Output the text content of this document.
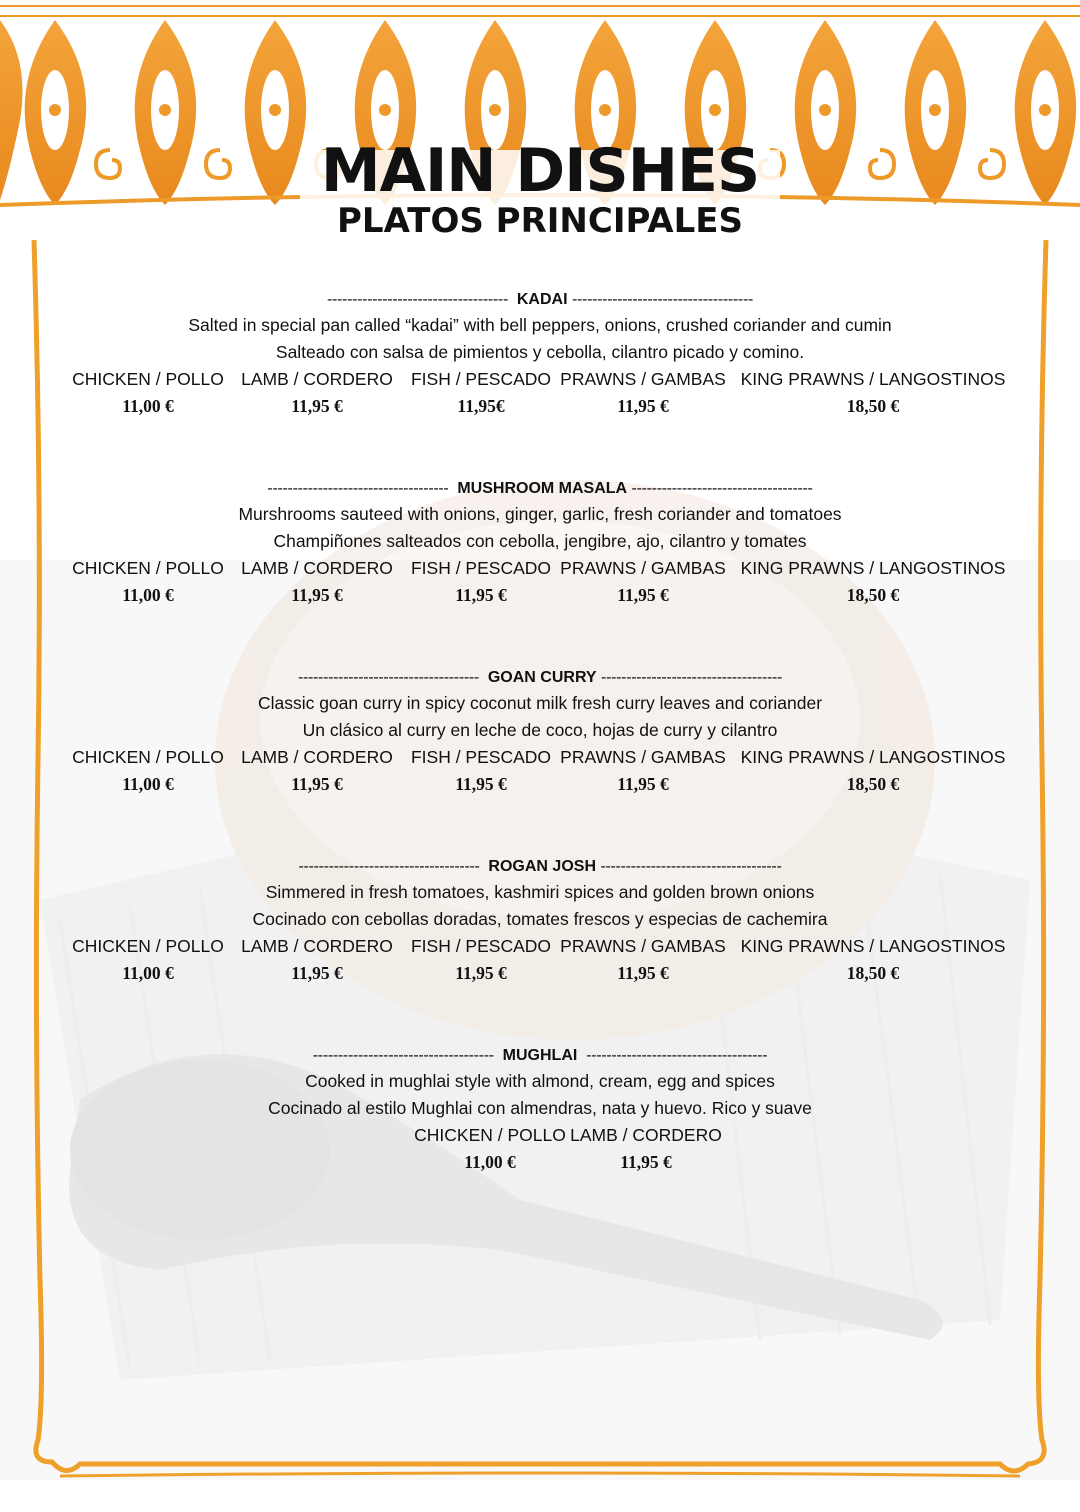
MAIN DISHES
PLATOS PRINCIPALES
------------------------------------ KADAI ------------------------------------
Salted in special pan called “kadai” with bell peppers, onions, crushed coriander and cumin
Salteado con salsa de pimientos y cebolla, cilantro picado y comino.
CHICKEN / POLLO
11,00 €
LAMB / CORDERO
11,95 €
FISH / PESCADO
11,95€
PRAWNS / GAMBAS
11,95 €
KING PRAWNS / LANGOSTINOS
18,50 €
------------------------------------ MUSHROOM MASALA ------------------------------------
Murshrooms sauteed with onions, ginger, garlic, fresh coriander and tomatoes
Champiñones salteados con cebolla, jengibre, ajo, cilantro y tomates
CHICKEN / POLLO
11,00 €
LAMB / CORDERO
11,95 €
FISH / PESCADO
11,95 €
PRAWNS / GAMBAS
11,95 €
KING PRAWNS / LANGOSTINOS
18,50 €
------------------------------------ GOAN CURRY ------------------------------------
Classic goan curry in spicy coconut milk fresh curry leaves and coriander
Un clásico al curry en leche de coco, hojas de curry y cilantro
CHICKEN / POLLO
11,00 €
LAMB / CORDERO
11,95 €
FISH / PESCADO
11,95 €
PRAWNS / GAMBAS
11,95 €
KING PRAWNS / LANGOSTINOS
18,50 €
------------------------------------ ROGAN JOSH ------------------------------------
Simmered in fresh tomatoes, kashmiri spices and golden brown onions
Cocinado con cebollas doradas, tomates frescos y especias de cachemira
CHICKEN / POLLO
11,00 €
LAMB / CORDERO
11,95 €
FISH / PESCADO
11,95 €
PRAWNS / GAMBAS
11,95 €
KING PRAWNS / LANGOSTINOS
18,50 €
------------------------------------ MUGHLAI ------------------------------------
Cooked in mughlai style with almond, cream, egg and spices
Cocinado al estilo Mughlai con almendras, nata y huevo. Rico y suave
CHICKEN / POLLO
11,00 €
LAMB / CORDERO
11,95 €
